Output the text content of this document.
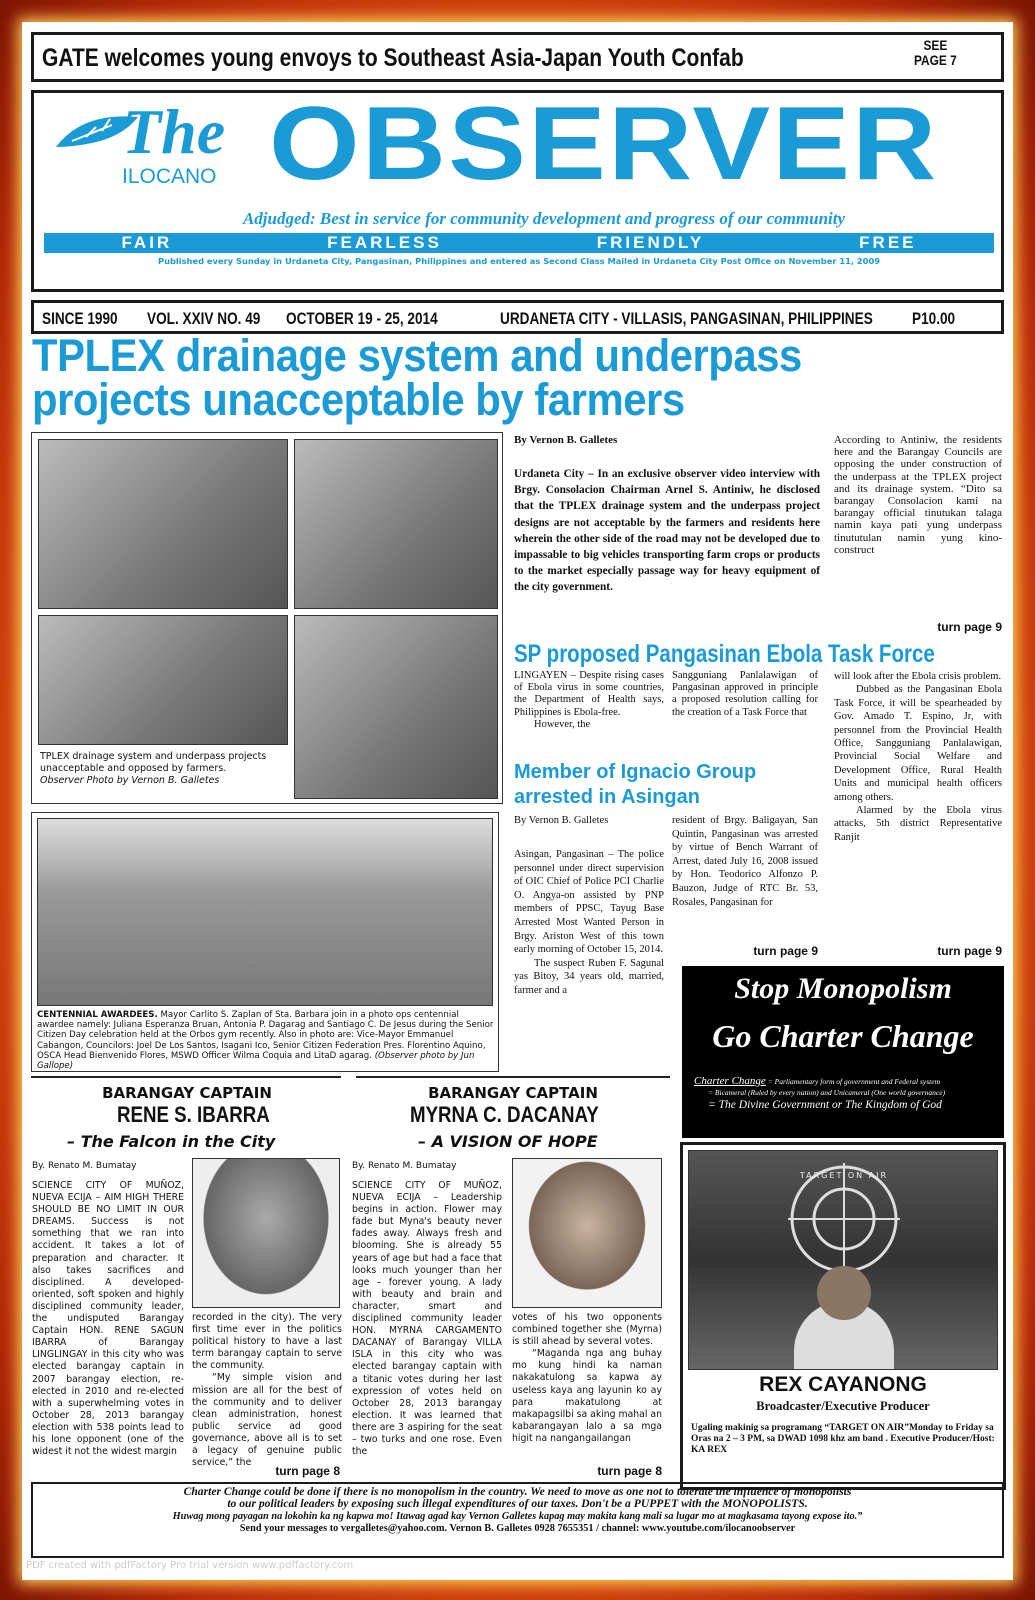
GATE welcomes young envoys to Southeast Asia-Japan Youth Confab	SEE
PAGE 7
The
ILOCANO OBSERVER
Adjudged: Best in service for community development and progress of our community
FAIR	FEARLESS	FRIENDLY	FREE
Published every Sunday in Urdaneta City, Pangasinan, Philippines and entered as Second Class Mailed in Urdaneta City Post Office on November 11, 2009
SINCE 1990 VOL. XXIV NO. 49 OCTOBER 19 - 25, 2014	URDANETA CITY - VILLASIS, PANGASINAN, PHILIPPINES P10.00
TPLEX drainage system and underpass
projects unacceptable by farmers
TPLEX drainage system and underpass projects unacceptable and opposed by farmers.
Observer Photo by Vernon B. Galletes
By Vernon B. Galletes
Urdaneta City – In an exclusive observer video interview with Brgy. Consolacion Chairman Arnel S. Antiniw, he disclosed that the TPLEX drainage system and the underpass project designs are not acceptable by the farmers and residents here wherein the other side of the road may not be developed due to impassable to big vehicles transporting farm crops or products to the market especially passage way for heavy equipment of the city government.
According to Antiniw, the residents here and the Barangay Councils are opposing the under construction of the underpass at the TPLEX project and its drainage system. “Dito sa barangay Consolacion kami na barangay official tinutukan talaga namin kaya pati yung underpass tinututulan namin yung kino-construct
turn page 9
SP proposed Pangasinan Ebola Task Force
LINGAYEN – Despite rising cases of Ebola virus in some countries, the Department of Health says, Philippines is Ebola-free.
However, the
Sangguniang Panlalawigan of Pangasinan approved in principle a proposed resolution calling for the creation of a Task Force that
will look after the Ebola crisis problem.
Dubbed as the Pangasinan Ebola Task Force, it will be spearheaded by Gov. Amado T. Espino, Jr, with personnel from the Provincial Health Office, Sangguniang Panlalawigan, Provincial Social Welfare and Development Office, Rural Health Units and municipal health officers among others.
Alarmed by the Ebola virus attacks, 5th district Representative Ranjit
turn page 9
Member of Ignacio Group arrested in Asingan
By Vernon B. Galletes
Asingan, Pangasinan – The police personnel under direct supervision of OIC Chief of Police PCI Charlie O. Angya-on assisted by PNP members of PPSC, Tayug Base Arrested Most Wanted Person in Brgy. Ariston West of this town early morning of October 15, 2014.
The suspect Ruben F. Sagunal yas Bitoy, 34 years old, married, farmer and a
resident of Brgy. Baligayan, San Quintin, Pangasinan was arrested by virtue of Bench Warrant of Arrest, dated July 16, 2008 issued by Hon. Teodorico Alfonzo P. Bauzon, Judge of RTC Br. 53, Rosales, Pangasinan for
turn page 9
CENTENNIAL AWARDEES. Mayor Carlito S. Zaplan of Sta. Barbara join in a photo ops centennial awardee namely: Juliana Esperanza Bruan, Antonia P. Dagarag and Santiago C. De Jesus during the Senior Citizen Day celebration held at the Orbos gym recently. Also in photo are: Vice-Mayor Emmanuel Cabangon, Councilors: Joel De Los Santos, Isagani Ico, Senior Citizen Federation Pres. Florentino Aquino, OSCA Head Bienvenido Flores, MSWD Officer Wilma Coquia and LitaD agarag. (Observer photo by Jun Gallope)
Stop Monopolism
Go Charter Change
Charter Change = Parliamentary form of government and Federal system
= Bicameral (Ruled by every nation) and Unicameral (One world governance)
= The Divine Government or The Kingdom of God
TARGET ON AIR
REX CAYANONG
Broadcaster/Executive Producer
Ugaling makinig sa programang “TARGET ON AIR”Monday to Friday sa Oras na 2 – 3 PM, sa DWAD 1098 khz am band . Executive Producer/Host: KA REX
BARANGAY CAPTAIN
RENE S. IBARRA
– The Falcon in the City
By. Renato M. Bumatay
SCIENCE CITY OF MUÑOZ, NUEVA ECIJA – AIM HIGH THERE SHOULD BE NO LIMIT IN OUR DREAMS. Success is not something that we ran into accident. It takes a lot of preparation and character. It also takes sacrifices and disciplined. A developed-oriented, soft spoken and highly disciplined community leader, the undisputed Barangay Captain HON. RENE SAGUN IBARRA of Barangay LINGLINGAY in this city who was elected barangay captain in 2007 barangay election, re-elected in 2010 and re-elected with a superwhelming votes in October 28, 2013 barangay election with 538 points lead to his lone opponent (one of the widest it not the widest margin
recorded in the city). The very first time ever in the politics political history to have a last term barangay captain to serve the community.
“My simple vision and mission are all for the best of the community and to deliver clean administration, honest public service ad good governance, above all is to set a legacy of genuine public service,” the
turn page 8
BARANGAY CAPTAIN
MYRNA C. DACANAY
– A VISION OF HOPE
By. Renato M. Bumatay
SCIENCE CITY OF MUÑOZ, NUEVA ECIJA – Leadership begins in action. Flower may fade but Myna's beauty never fades away. Always fresh and blooming. She is already 55 years of age but had a face that looks much younger than her age – forever young. A lady with beauty and brain and character, smart and disciplined community leader HON. MYRNA CARGAMENTO DACANAY of Barangay VILLA ISLA in this city who was elected barangay captain with a titanic votes during her last expression of votes held on October 28, 2013 barangay election. It was learned that there are 3 aspiring for the seat – two turks and one rose. Even the
votes of his two opponents combined together she (Myrna) is still ahead by several votes.
“Maganda nga ang buhay mo kung hindi ka naman nakakatulong sa kapwa ay useless kaya ang layunin ko ay para makatulong at makapagsilbi sa aking mahal an kabarangayan lalo a sa mga higit na nangangailangan
turn page 8
Charter Change could be done if there is no monopolism in the country. We need to move as one not to tolerate the influence of monopolists
to our political leaders by exposing such illegal expenditures of our taxes. Don't be a PUPPET with the MONOPOLISTS.
Huwag mong payagan na lokohin ka ng kapwa mo! Itawag agad kay Vernon Galletes kapag may makita kang mali sa lugar mo at magkasama tayong expose ito.”
Send your messages to vergalletes@yahoo.com. Vernon B. Galletes 0928 7655351 / channel: www.youtube.com/ilocanoobserver
PDF created with pdfFactory Pro trial version www.pdffactory.com
